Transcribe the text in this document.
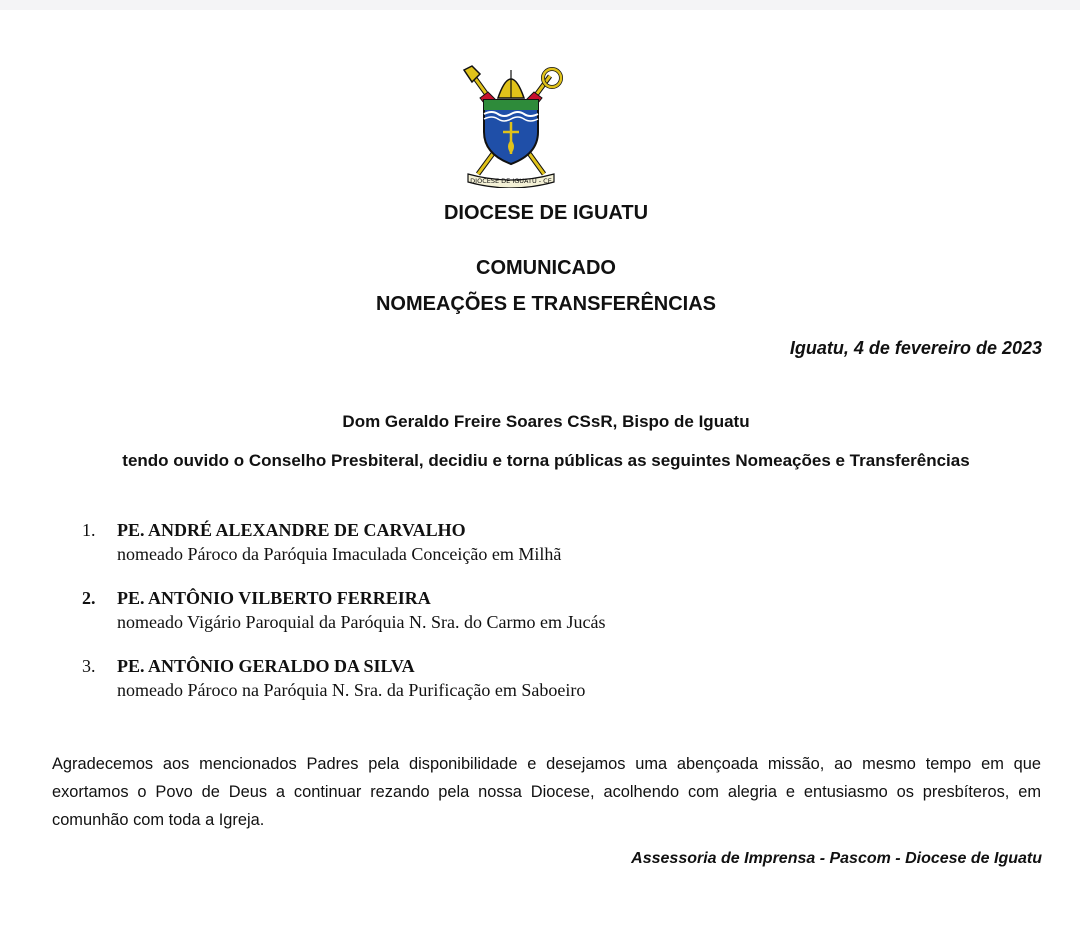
DIOCESE DE IGUATU - CE
DIOCESE DE IGUATU
COMUNICADO
NOMEAÇÕES E TRANSFERÊNCIAS
Iguatu, 4 de fevereiro de 2023
Dom Geraldo Freire Soares CSsR, Bispo de Iguatu
tendo ouvido o Conselho Presbiteral, decidiu e torna públicas as seguintes Nomeações e Transferências
1. PE. ANDRÉ ALEXANDRE DE CARVALHO
nomeado Pároco da Paróquia Imaculada Conceição em Milhã
2. PE. ANTÔNIO VILBERTO FERREIRA
nomeado Vigário Paroquial da Paróquia N. Sra. do Carmo em Jucás
3. PE. ANTÔNIO GERALDO DA SILVA
nomeado Pároco na Paróquia N. Sra. da Purificação em Saboeiro
Agradecemos aos mencionados Padres pela disponibilidade e desejamos uma abençoada missão, ao mesmo tempo em que exortamos o Povo de Deus a continuar rezando pela nossa Diocese, acolhendo com alegria e entusiasmo os presbíteros, em comunhão com toda a Igreja.
Assessoria de Imprensa - Pascom - Diocese de Iguatu
